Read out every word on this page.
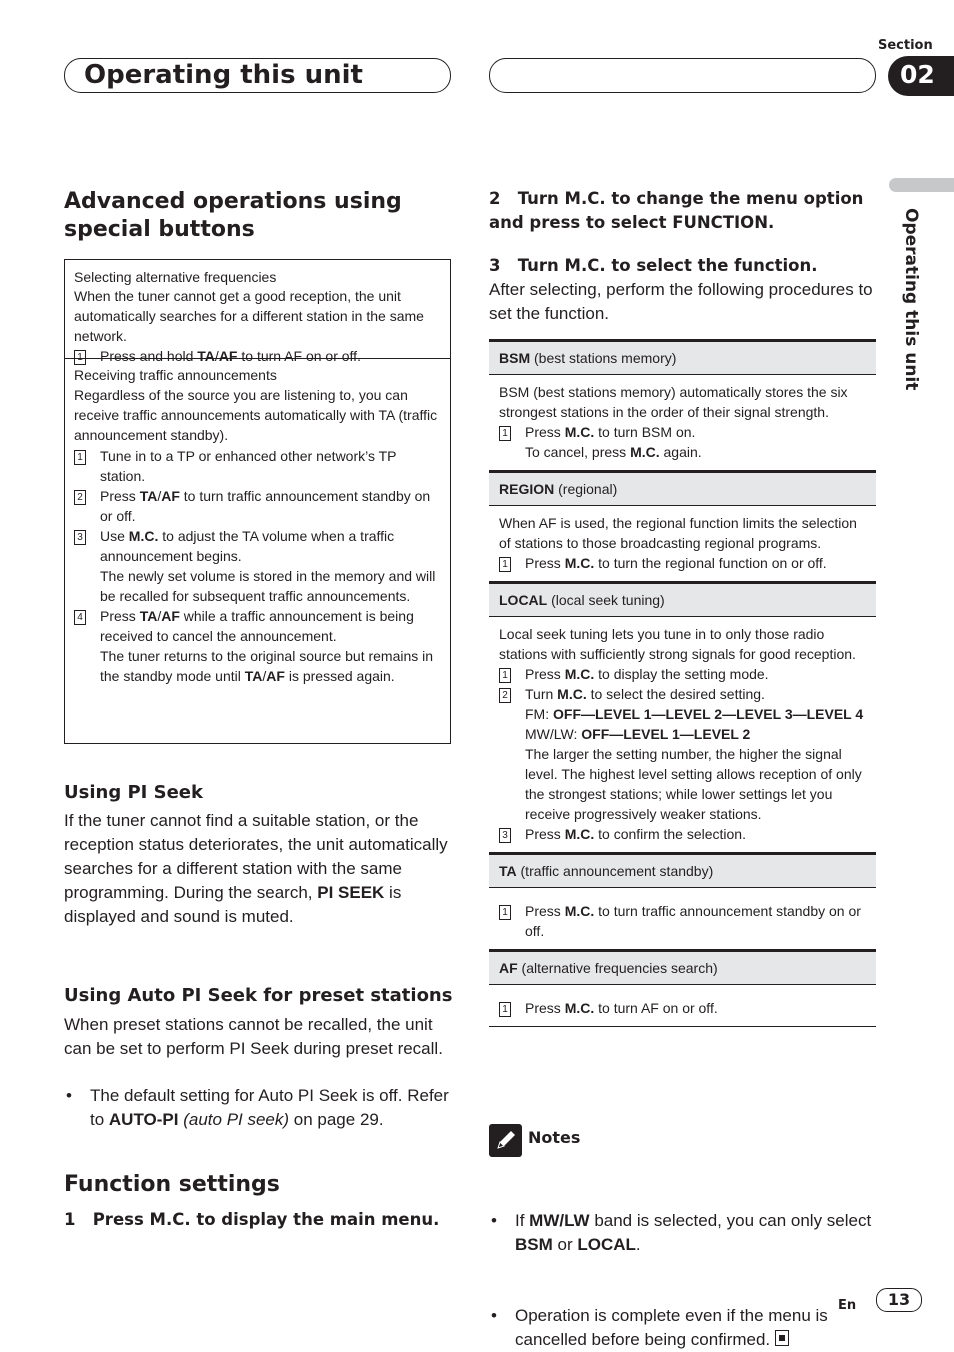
Operating this unit
Section
02
Operating this unit
Advanced operations using special buttons
Selecting alternative frequencies
When the tuner cannot get a good reception, the unit automatically searches for a different station in the same network.
1 Press and hold TA/AF to turn AF on or off.
Receiving traffic announcements
Regardless of the source you are listening to, you can receive traffic announcements automatically with TA (traffic announcement standby).
1 Tune in to a TP or enhanced other network’s TP station.
2 Press TA/AF to turn traffic announcement standby on or off.
3 Use M.C. to adjust the TA volume when a traffic announcement begins.
The newly set volume is stored in the memory and will be recalled for subsequent traffic announcements.
4 Press TA/AF while a traffic announcement is being received to cancel the announcement.
The tuner returns to the original source but remains in the standby mode until TA/AF is pressed again.
Using PI Seek

If the tuner cannot find a suitable station, or the reception status deteriorates, the unit automatically searches for a different station with the same programming. During the search, PI SEEK is displayed and sound is muted.

Using Auto PI Seek for preset stations

When preset stations cannot be recalled, the unit can be set to perform PI Seek during preset recall.

• The default setting for Auto PI Seek is off. Refer to AUTO-PI (auto PI seek) on page 29.
Function settings
1 Press M.C. to display the main menu.
2 Turn M.C. to change the menu option and press to select FUNCTION.
3 Turn M.C. to select the function.

After selecting, perform the following procedures to set the function.

BSM (best stations memory)
BSM (best stations memory) automatically stores the six strongest stations in the order of their signal strength.
1 Press M.C. to turn BSM on.
To cancel, press M.C. again.
REGION (regional)
When AF is used, the regional function limits the selection of stations to those broadcasting regional programs.
1 Press M.C. to turn the regional function on or off.
LOCAL (local seek tuning)
Local seek tuning lets you tune in to only those radio stations with sufficiently strong signals for good reception.
1 Press M.C. to display the setting mode.
2 Turn M.C. to select the desired setting.
FM: OFF—LEVEL 1—LEVEL 2—LEVEL 3—LEVEL 4
MW/LW: OFF—LEVEL 1—LEVEL 2
The larger the setting number, the higher the signal level. The highest level setting allows reception of only the strongest stations; while lower settings let you receive progressively weaker stations.
3 Press M.C. to confirm the selection.
TA (traffic announcement standby)
1 Press M.C. to turn traffic announcement standby on or off.
AF (alternative frequencies search)
1 Press M.C. to turn AF on or off.
Notes
• If MW/LW band is selected, you can only select BSM or LOCAL.
• Operation is complete even if the menu is cancelled before being confirmed.
En	13
